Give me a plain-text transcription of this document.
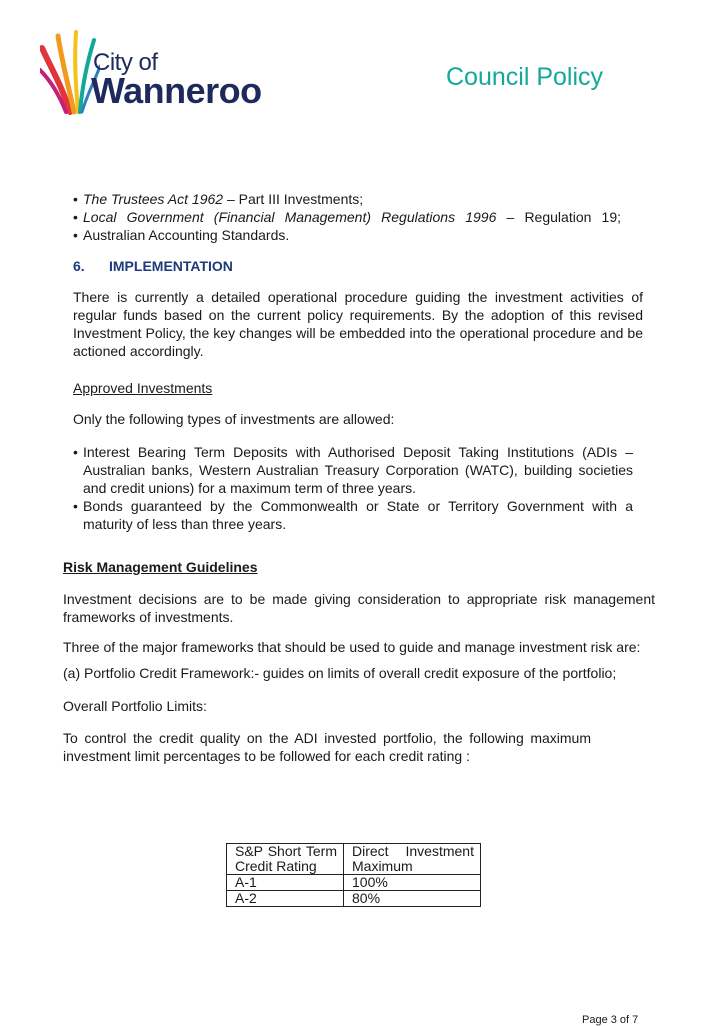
City of
Wanneroo	Council Policy
• The Trustees Act 1962 – Part III Investments;
• Local Government (Financial Management) Regulations 1996 – Regulation 19;
• Australian Accounting Standards.
6. IMPLEMENTATION
There is currently a detailed operational procedure guiding the investment activities of regular funds based on the current policy requirements. By the adoption of this revised Investment Policy, the key changes will be embedded into the operational procedure and be actioned accordingly.
Approved Investments
Only the following types of investments are allowed:
• Interest Bearing Term Deposits with Authorised Deposit Taking Institutions (ADIs – Australian banks, Western Australian Treasury Corporation (WATC), building societies and credit unions) for a maximum term of three years.
• Bonds guaranteed by the Commonwealth or State or Territory Government with a maturity of less than three years.
Risk Management Guidelines
Investment decisions are to be made giving consideration to appropriate risk management frameworks of investments.
Three of the major frameworks that should be used to guide and manage investment risk are:
(a) Portfolio Credit Framework:- guides on limits of overall credit exposure of the portfolio;
Overall Portfolio Limits:
To control the credit quality on the ADI invested portfolio, the following maximum investment limit percentages to be followed for each credit rating :
S&P Short Term	Direct Investment
Credit Rating	Maximum
A-1	100%
A-2	80%
Page 3 of 7
